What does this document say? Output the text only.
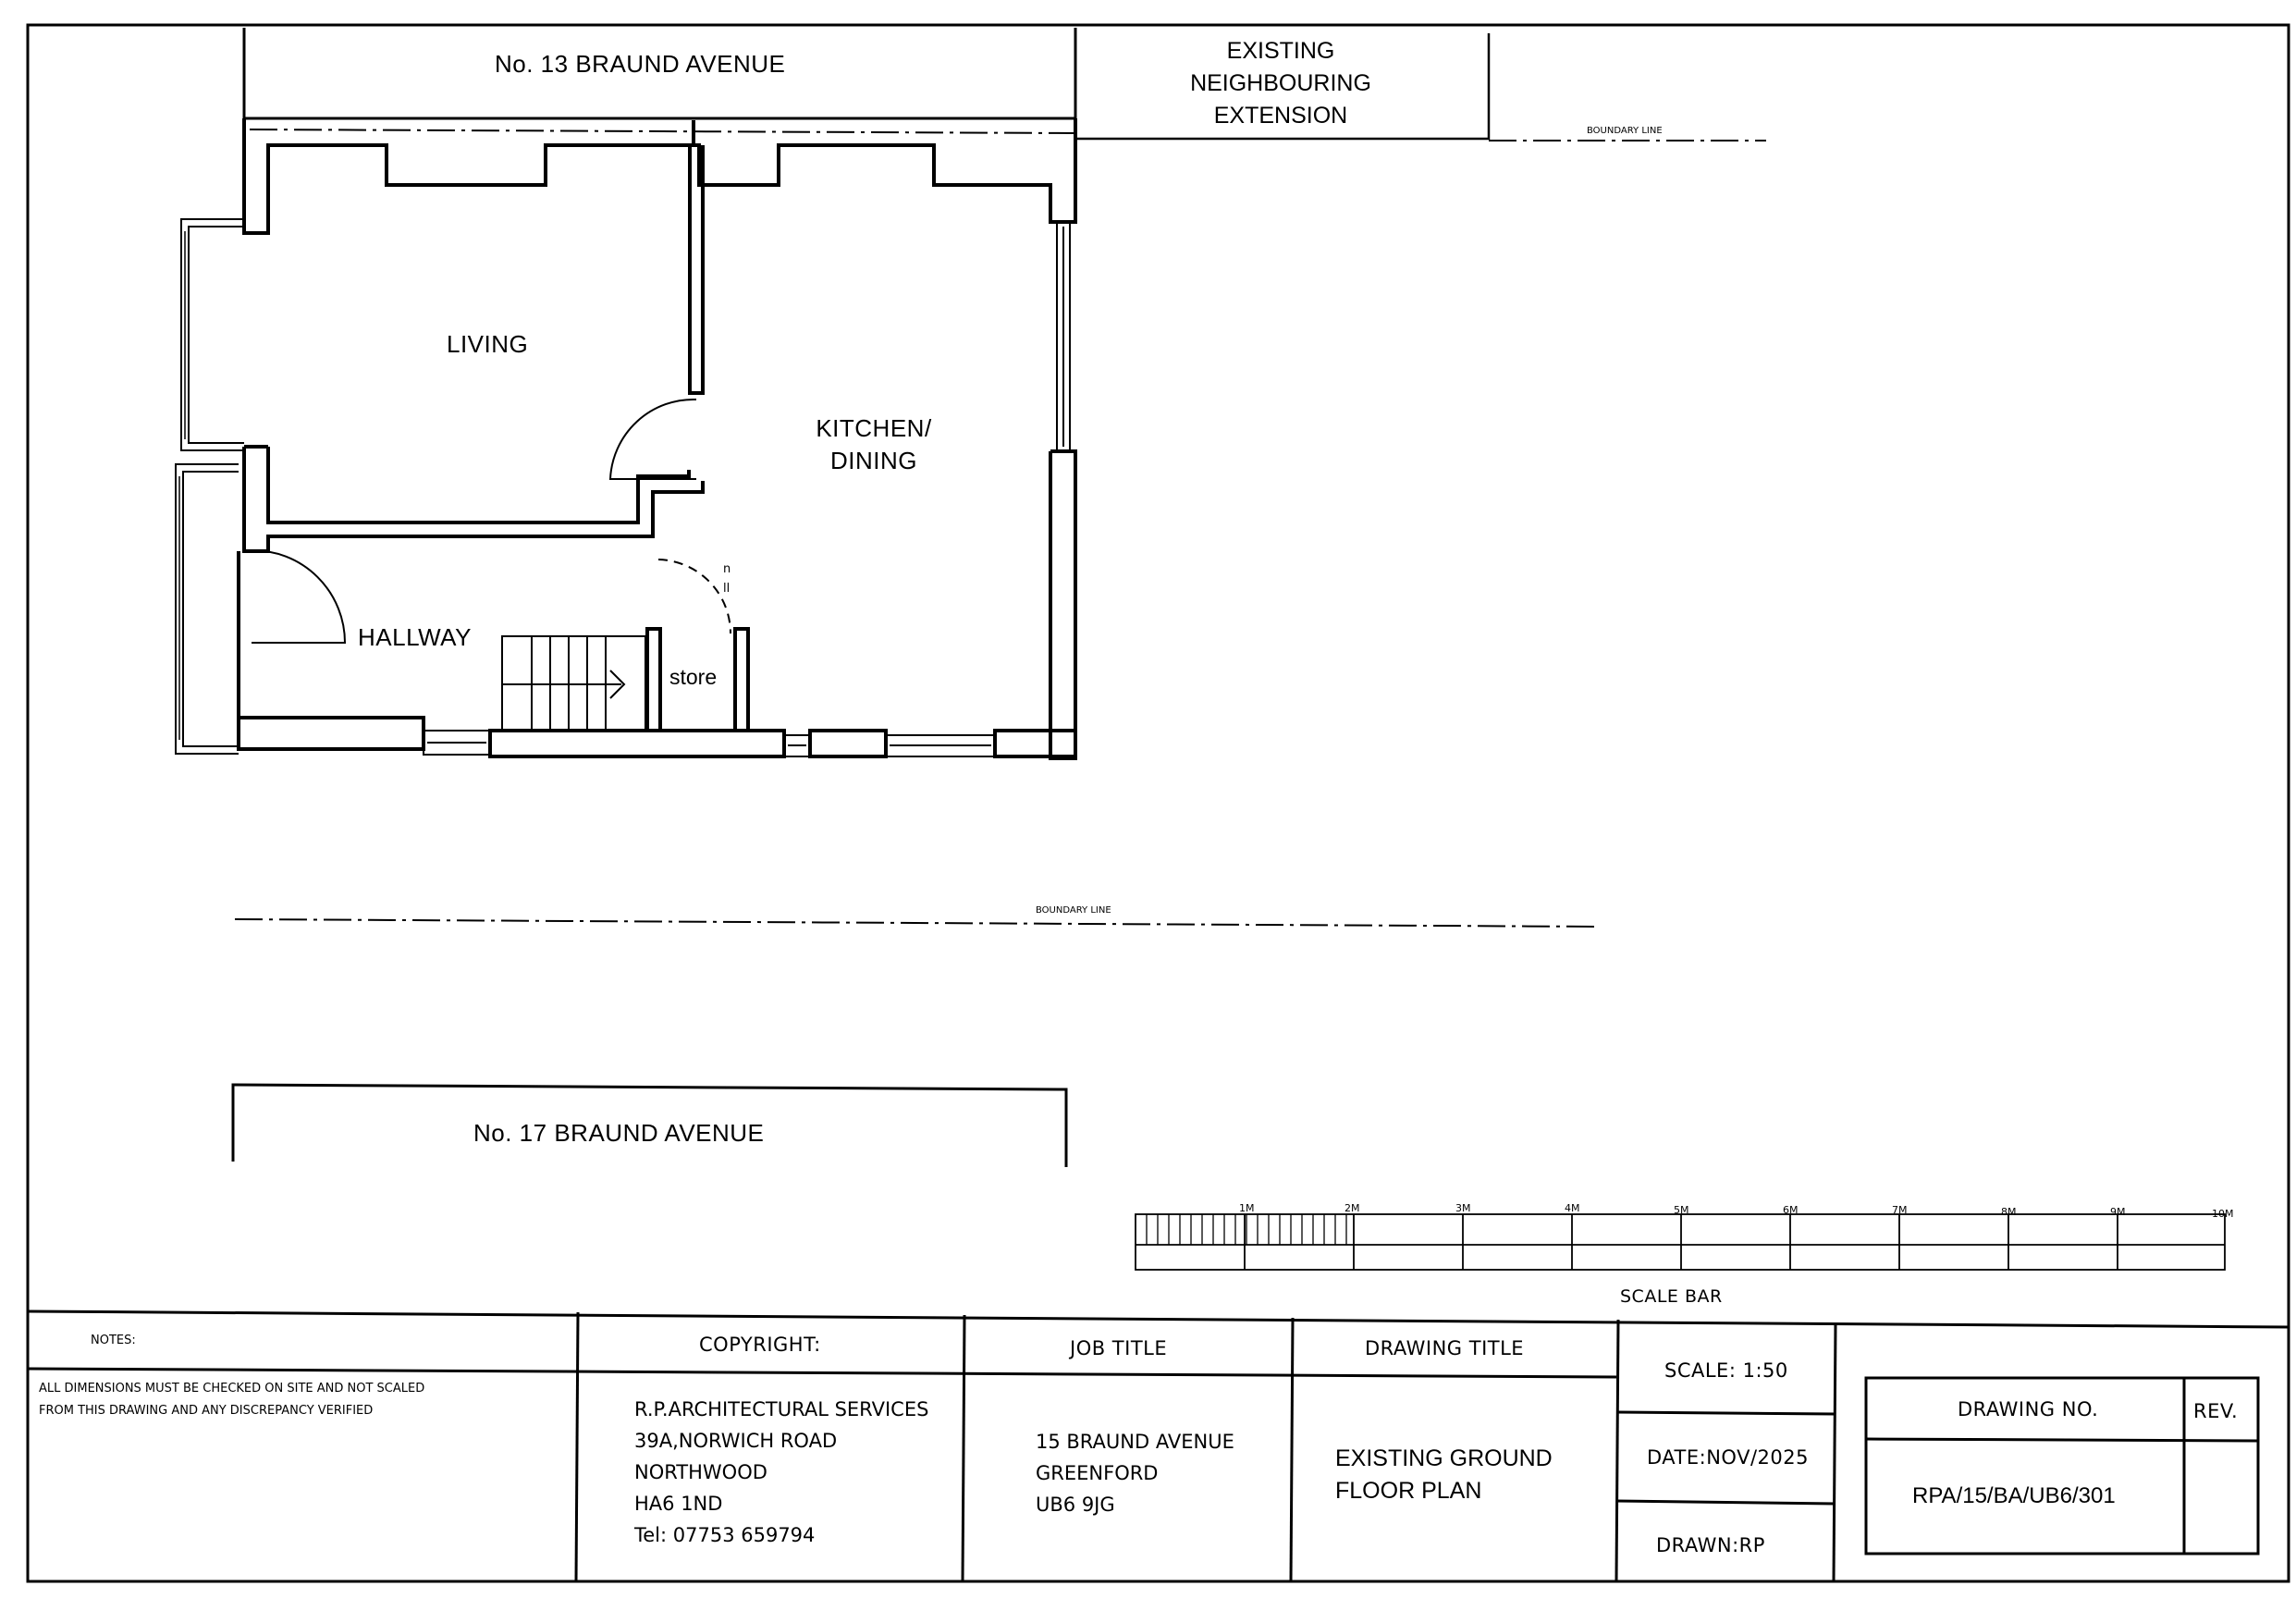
n
ll
No. 13 BRAUND AVENUE
No. 17 BRAUND AVENUE
EXISTING
NEIGHBOURING
EXTENSION
BOUNDARY LINE
BOUNDARY LINE
LIVING
KITCHEN/
DINING
HALLWAY
store
1M	2M	3M	4M	5M	6M	7M	8M	9M	10M
SCALE BAR
NOTES:
ALL DIMENSIONS MUST BE CHECKED ON SITE AND NOT SCALED
FROM THIS DRAWING AND ANY DISCREPANCY VERIFIED
COPYRIGHT:
R.P.ARCHITECTURAL SERVICES
39A,NORWICH ROAD
NORTHWOOD
HA6 1ND
Tel: 07753 659794
JOB TITLE
15 BRAUND AVENUE
GREENFORD
UB6 9JG
DRAWING TITLE
EXISTING GROUND
FLOOR PLAN
SCALE: 1:50
DATE:NOV/2025
DRAWN:RP
DRAWING NO.	REV.
RPA/15/BA/UB6/301
